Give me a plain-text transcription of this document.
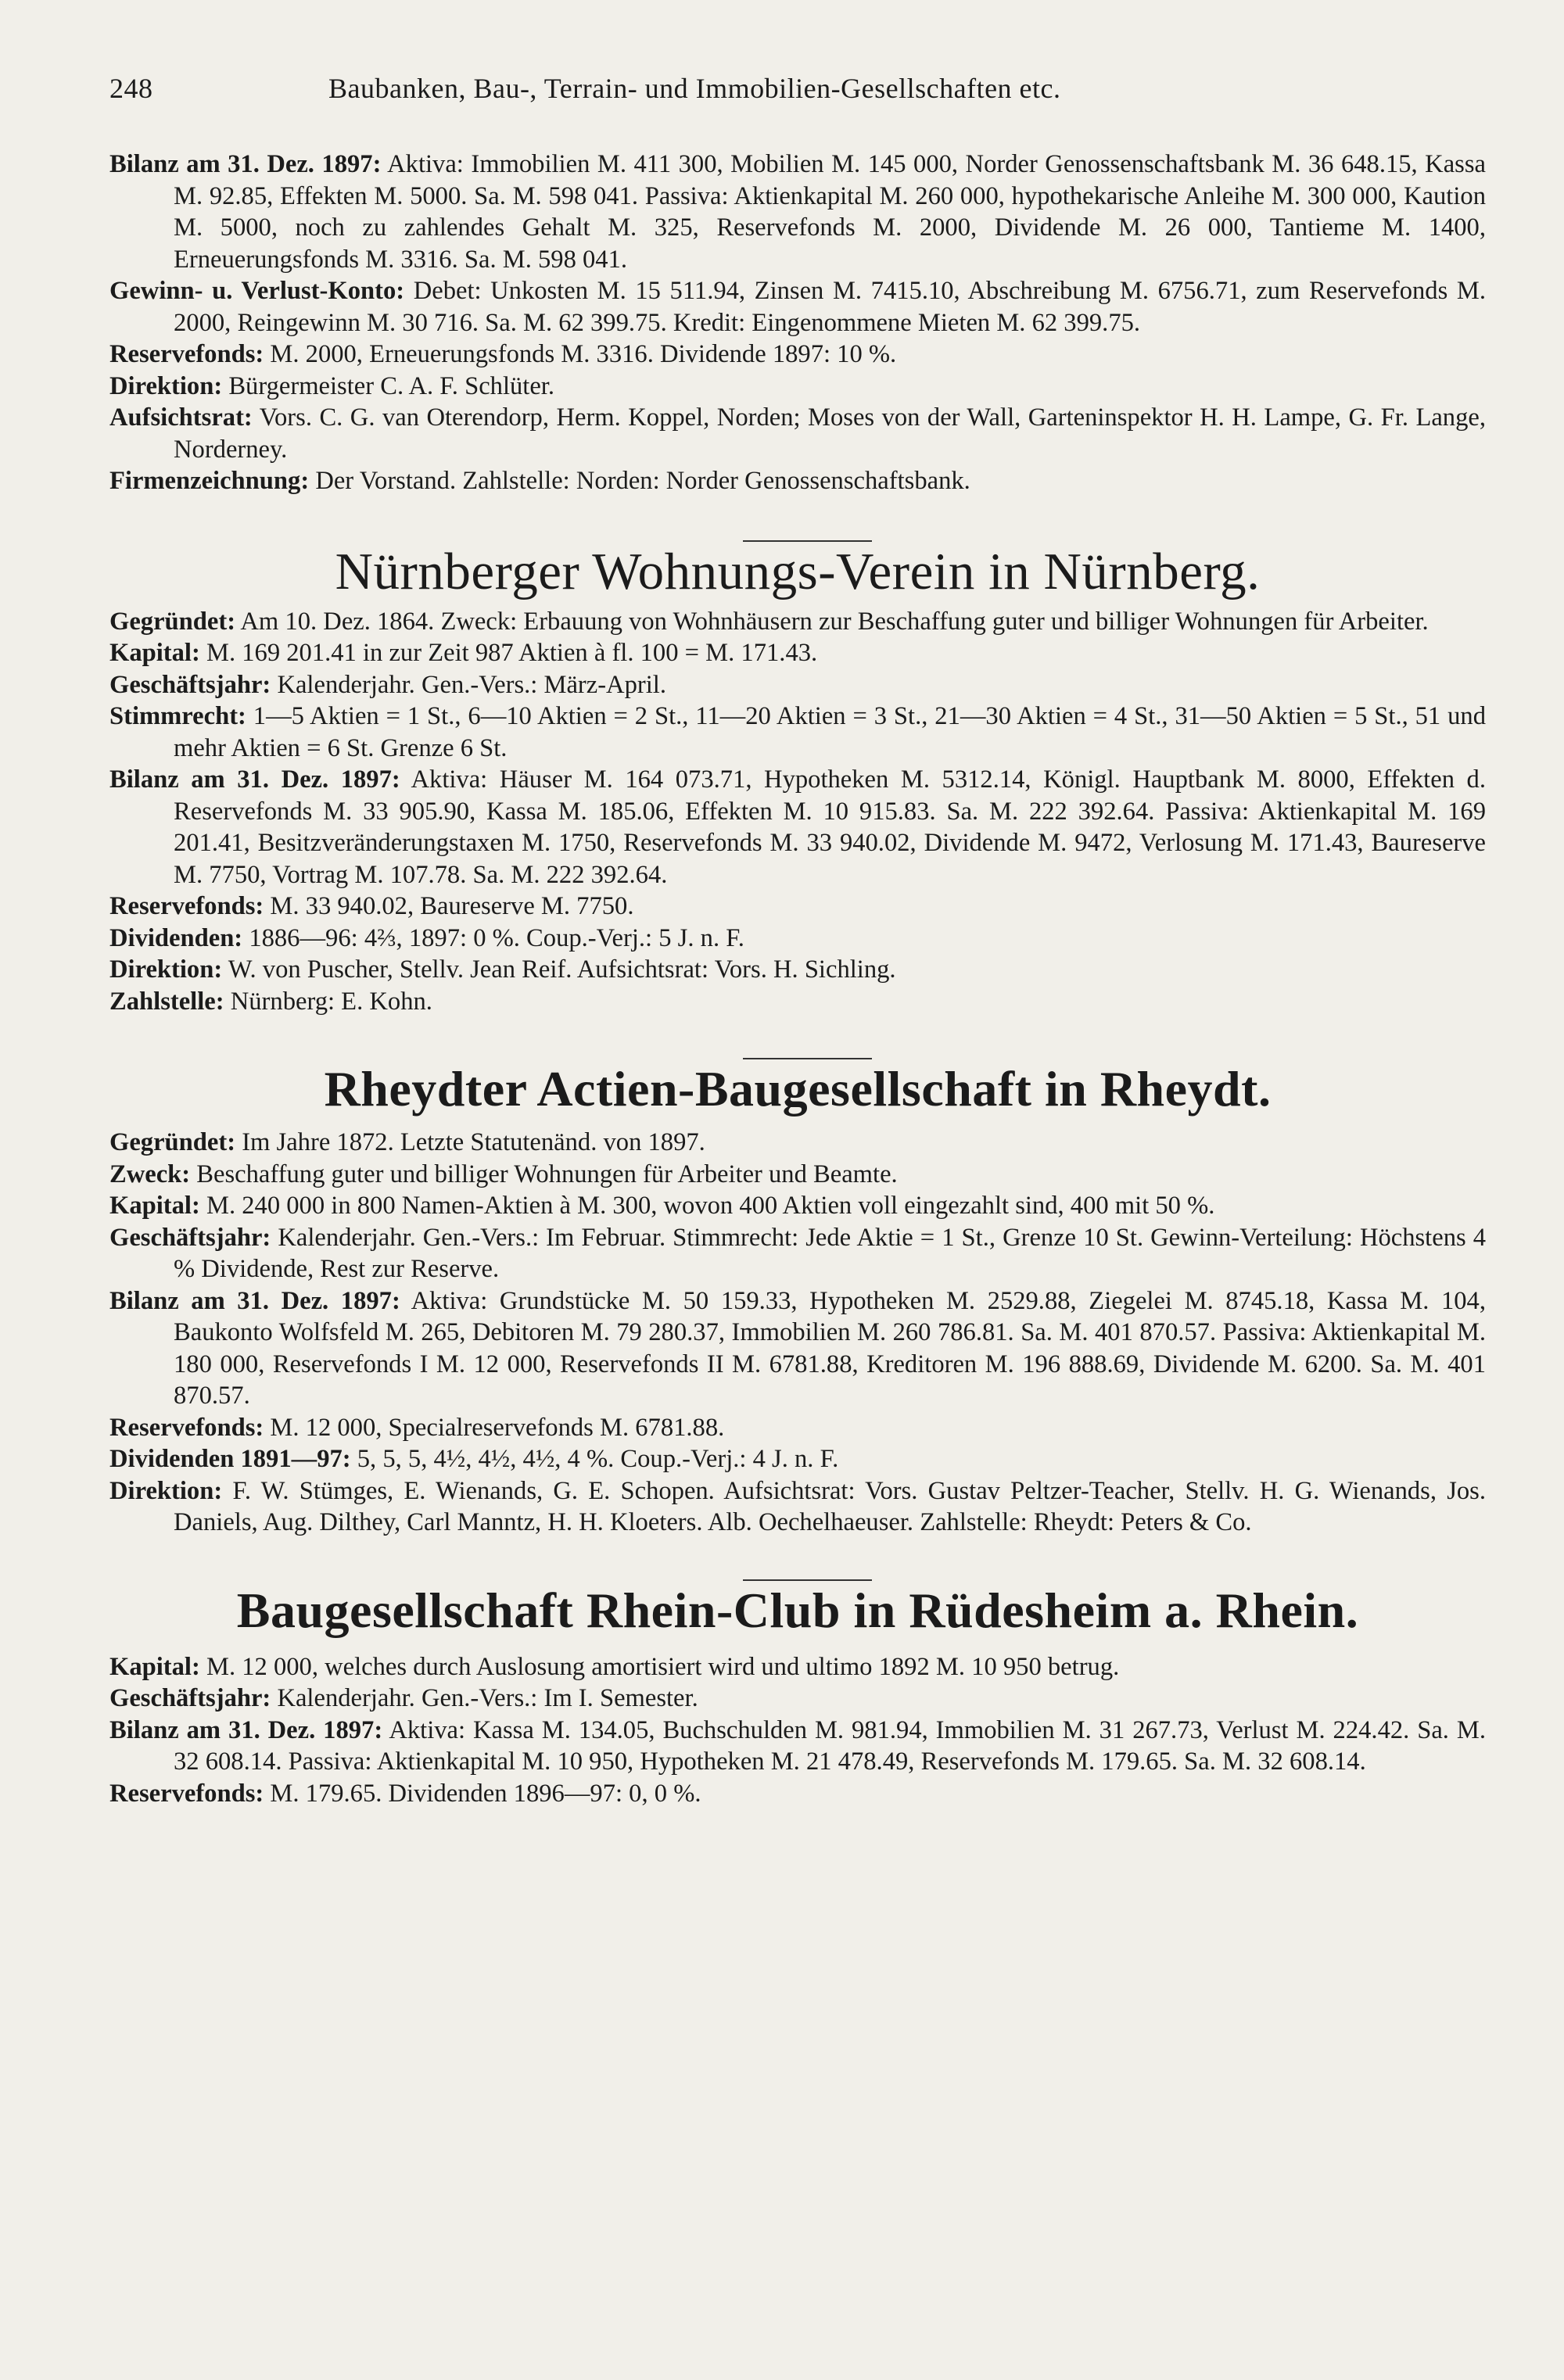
248	Baubanken, Bau-, Terrain- und Immobilien-Gesellschaften etc.

Bilanz am 31. Dez. 1897: Aktiva: Immobilien M. 411 300, Mobilien M. 145 000, Norder Genossenschaftsbank M. 36 648.15, Kassa M. 92.85, Effekten M. 5000. Sa. M. 598 041. Passiva: Aktienkapital M. 260 000, hypothekarische Anleihe M. 300 000, Kaution M. 5000, noch zu zahlendes Gehalt M. 325, Reservefonds M. 2000, Dividende M. 26 000, Tantieme M. 1400, Erneuerungsfonds M. 3316. Sa. M. 598 041.

Gewinn- u. Verlust-Konto: Debet: Unkosten M. 15 511.94, Zinsen M. 7415.10, Abschreibung M. 6756.71, zum Reservefonds M. 2000, Reingewinn M. 30 716. Sa. M. 62 399.75. Kredit: Eingenommene Mieten M. 62 399.75.

Reservefonds: M. 2000, Erneuerungsfonds M. 3316. Dividende 1897: 10 %.

Direktion: Bürgermeister C. A. F. Schlüter.

Aufsichtsrat: Vors. C. G. van Oterendorp, Herm. Koppel, Norden; Moses von der Wall, Garteninspektor H. H. Lampe, G. Fr. Lange, Norderney.

Firmenzeichnung: Der Vorstand. Zahlstelle: Norden: Norder Genossenschaftsbank.

Nürnberger Wohnungs-Verein in Nürnberg.

Gegründet: Am 10. Dez. 1864. Zweck: Erbauung von Wohnhäusern zur Beschaffung guter und billiger Wohnungen für Arbeiter.

Kapital: M. 169 201.41 in zur Zeit 987 Aktien à fl. 100 = M. 171.43.

Geschäftsjahr: Kalenderjahr. Gen.-Vers.: März-April.

Stimmrecht: 1—5 Aktien = 1 St., 6—10 Aktien = 2 St., 11—20 Aktien = 3 St., 21—30 Aktien = 4 St., 31—50 Aktien = 5 St., 51 und mehr Aktien = 6 St. Grenze 6 St.

Bilanz am 31. Dez. 1897: Aktiva: Häuser M. 164 073.71, Hypotheken M. 5312.14, Königl. Hauptbank M. 8000, Effekten d. Reservefonds M. 33 905.90, Kassa M. 185.06, Effekten M. 10 915.83. Sa. M. 222 392.64. Passiva: Aktienkapital M. 169 201.41, Besitzveränderungstaxen M. 1750, Reservefonds M. 33 940.02, Dividende M. 9472, Verlosung M. 171.43, Baureserve M. 7750, Vortrag M. 107.78. Sa. M. 222 392.64.

Reservefonds: M. 33 940.02, Baureserve M. 7750.

Dividenden: 1886—96: 4⅔, 1897: 0 %. Coup.-Verj.: 5 J. n. F.

Direktion: W. von Puscher, Stellv. Jean Reif. Aufsichtsrat: Vors. H. Sichling.

Zahlstelle: Nürnberg: E. Kohn.

Rheydter Actien-Baugesellschaft in Rheydt.

Gegründet: Im Jahre 1872. Letzte Statutenänd. von 1897.

Zweck: Beschaffung guter und billiger Wohnungen für Arbeiter und Beamte.

Kapital: M. 240 000 in 800 Namen-Aktien à M. 300, wovon 400 Aktien voll eingezahlt sind, 400 mit 50 %.

Geschäftsjahr: Kalenderjahr. Gen.-Vers.: Im Februar. Stimmrecht: Jede Aktie = 1 St., Grenze 10 St. Gewinn-Verteilung: Höchstens 4 % Dividende, Rest zur Reserve.

Bilanz am 31. Dez. 1897: Aktiva: Grundstücke M. 50 159.33, Hypotheken M. 2529.88, Ziegelei M. 8745.18, Kassa M. 104, Baukonto Wolfsfeld M. 265, Debitoren M. 79 280.37, Immobilien M. 260 786.81. Sa. M. 401 870.57. Passiva: Aktienkapital M. 180 000, Reservefonds I M. 12 000, Reservefonds II M. 6781.88, Kreditoren M. 196 888.69, Dividende M. 6200. Sa. M. 401 870.57.

Reservefonds: M. 12 000, Specialreservefonds M. 6781.88.

Dividenden 1891—97: 5, 5, 5, 4½, 4½, 4½, 4 %. Coup.-Verj.: 4 J. n. F.

Direktion: F. W. Stümges, E. Wienands, G. E. Schopen. Aufsichtsrat: Vors. Gustav Peltzer-Teacher, Stellv. H. G. Wienands, Jos. Daniels, Aug. Dilthey, Carl Manntz, H. H. Kloeters. Alb. Oechelhaeuser. Zahlstelle: Rheydt: Peters & Co.

Baugesellschaft Rhein-Club in Rüdesheim a. Rhein.

Kapital: M. 12 000, welches durch Auslosung amortisiert wird und ultimo 1892 M. 10 950 betrug.

Geschäftsjahr: Kalenderjahr. Gen.-Vers.: Im I. Semester.

Bilanz am 31. Dez. 1897: Aktiva: Kassa M. 134.05, Buchschulden M. 981.94, Immobilien M. 31 267.73, Verlust M. 224.42. Sa. M. 32 608.14. Passiva: Aktienkapital M. 10 950, Hypotheken M. 21 478.49, Reservefonds M. 179.65. Sa. M. 32 608.14.

Reservefonds: M. 179.65. Dividenden 1896—97: 0, 0 %.
